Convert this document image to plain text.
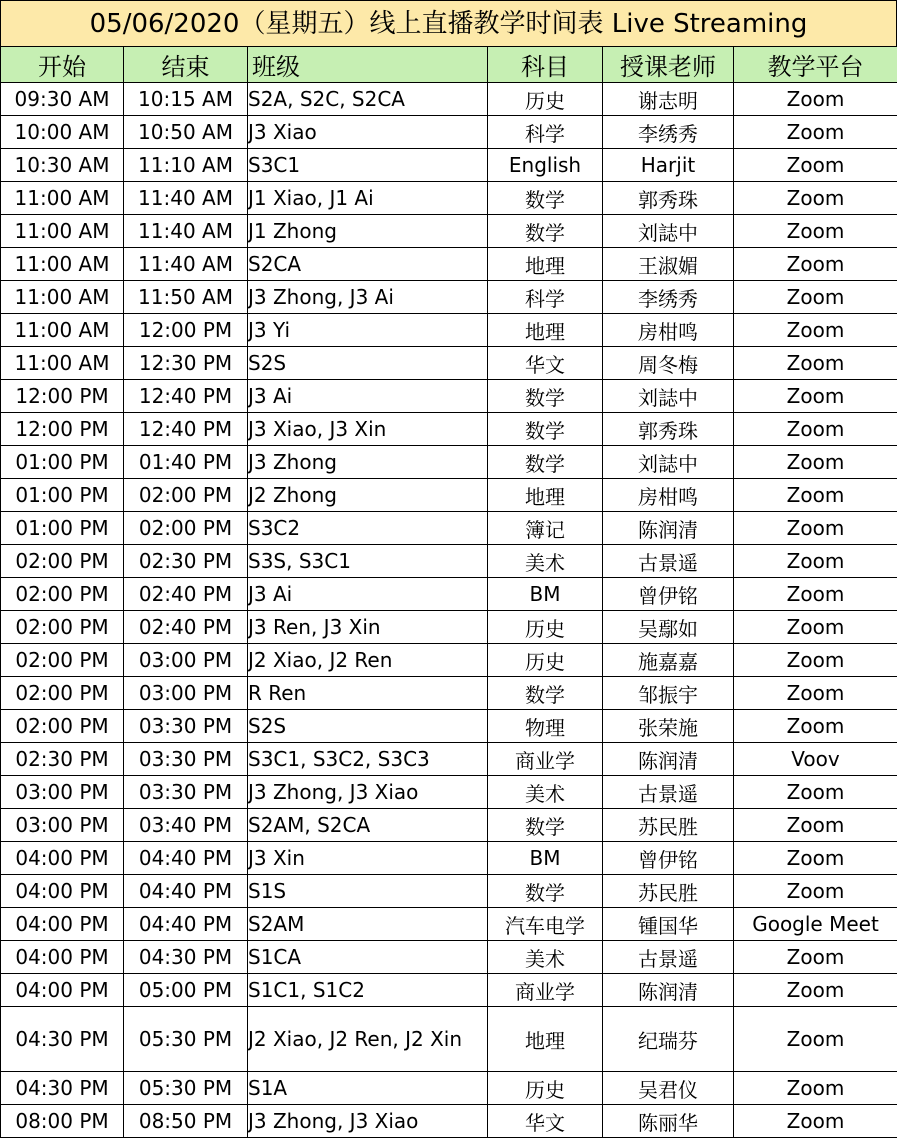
05/06/2020（星期五）线上直播教学时间表 Live Streaming
开始	结束	班级	科目	授课老师	教学平台
09:30 AM	10:15 AM	S2A, S2C, S2CA	历史	谢志明	Zoom
10:00 AM	10:50 AM	J3 Xiao	科学	李绣秀	Zoom
10:30 AM	11:10 AM	S3C1	English	Harjit	Zoom
11:00 AM	11:40 AM	J1 Xiao, J1 Ai	数学	郭秀珠	Zoom
11:00 AM	11:40 AM	J1 Zhong	数学	刘誌中	Zoom
11:00 AM	11:40 AM	S2CA	地理	王淑媚	Zoom
11:00 AM	11:50 AM	J3 Zhong, J3 Ai	科学	李绣秀	Zoom
11:00 AM	12:00 PM	J3 Yi	地理	房柑鸣	Zoom
11:00 AM	12:30 PM	S2S	华文	周冬梅	Zoom
12:00 PM	12:40 PM	J3 Ai	数学	刘誌中	Zoom
12:00 PM	12:40 PM	J3 Xiao, J3 Xin	数学	郭秀珠	Zoom
01:00 PM	01:40 PM	J3 Zhong	数学	刘誌中	Zoom
01:00 PM	02:00 PM	J2 Zhong	地理	房柑鸣	Zoom
01:00 PM	02:00 PM	S3C2	簿记	陈润清	Zoom
02:00 PM	02:30 PM	S3S, S3C1	美术	古景遥	Zoom
02:00 PM	02:40 PM	J3 Ai	BM	曾伊铭	Zoom
02:00 PM	02:40 PM	J3 Ren, J3 Xin	历史	吴鄢如	Zoom
02:00 PM	03:00 PM	J2 Xiao, J2 Ren	历史	施嘉嘉	Zoom
02:00 PM	03:00 PM	R Ren	数学	邹振宇	Zoom
02:00 PM	03:30 PM	S2S	物理	张荣施	Zoom
02:30 PM	03:30 PM	S3C1, S3C2, S3C3	商业学	陈润清	Voov
03:00 PM	03:30 PM	J3 Zhong, J3 Xiao	美术	古景遥	Zoom
03:00 PM	03:40 PM	S2AM, S2CA	数学	苏民胜	Zoom
04:00 PM	04:40 PM	J3 Xin	BM	曾伊铭	Zoom
04:00 PM	04:40 PM	S1S	数学	苏民胜	Zoom
04:00 PM	04:40 PM	S2AM	汽车电学	锺国华	Google Meet
04:00 PM	04:30 PM	S1CA	美术	古景遥	Zoom
04:00 PM	05:00 PM	S1C1, S1C2	商业学	陈润清	Zoom
04:30 PM	05:30 PM	J2 Xiao, J2 Ren, J2 Xin	地理	纪瑞芬	Zoom
04:30 PM	05:30 PM	S1A	历史	吴君仪	Zoom
08:00 PM	08:50 PM	J3 Zhong, J3 Xiao	华文	陈丽华	Zoom
